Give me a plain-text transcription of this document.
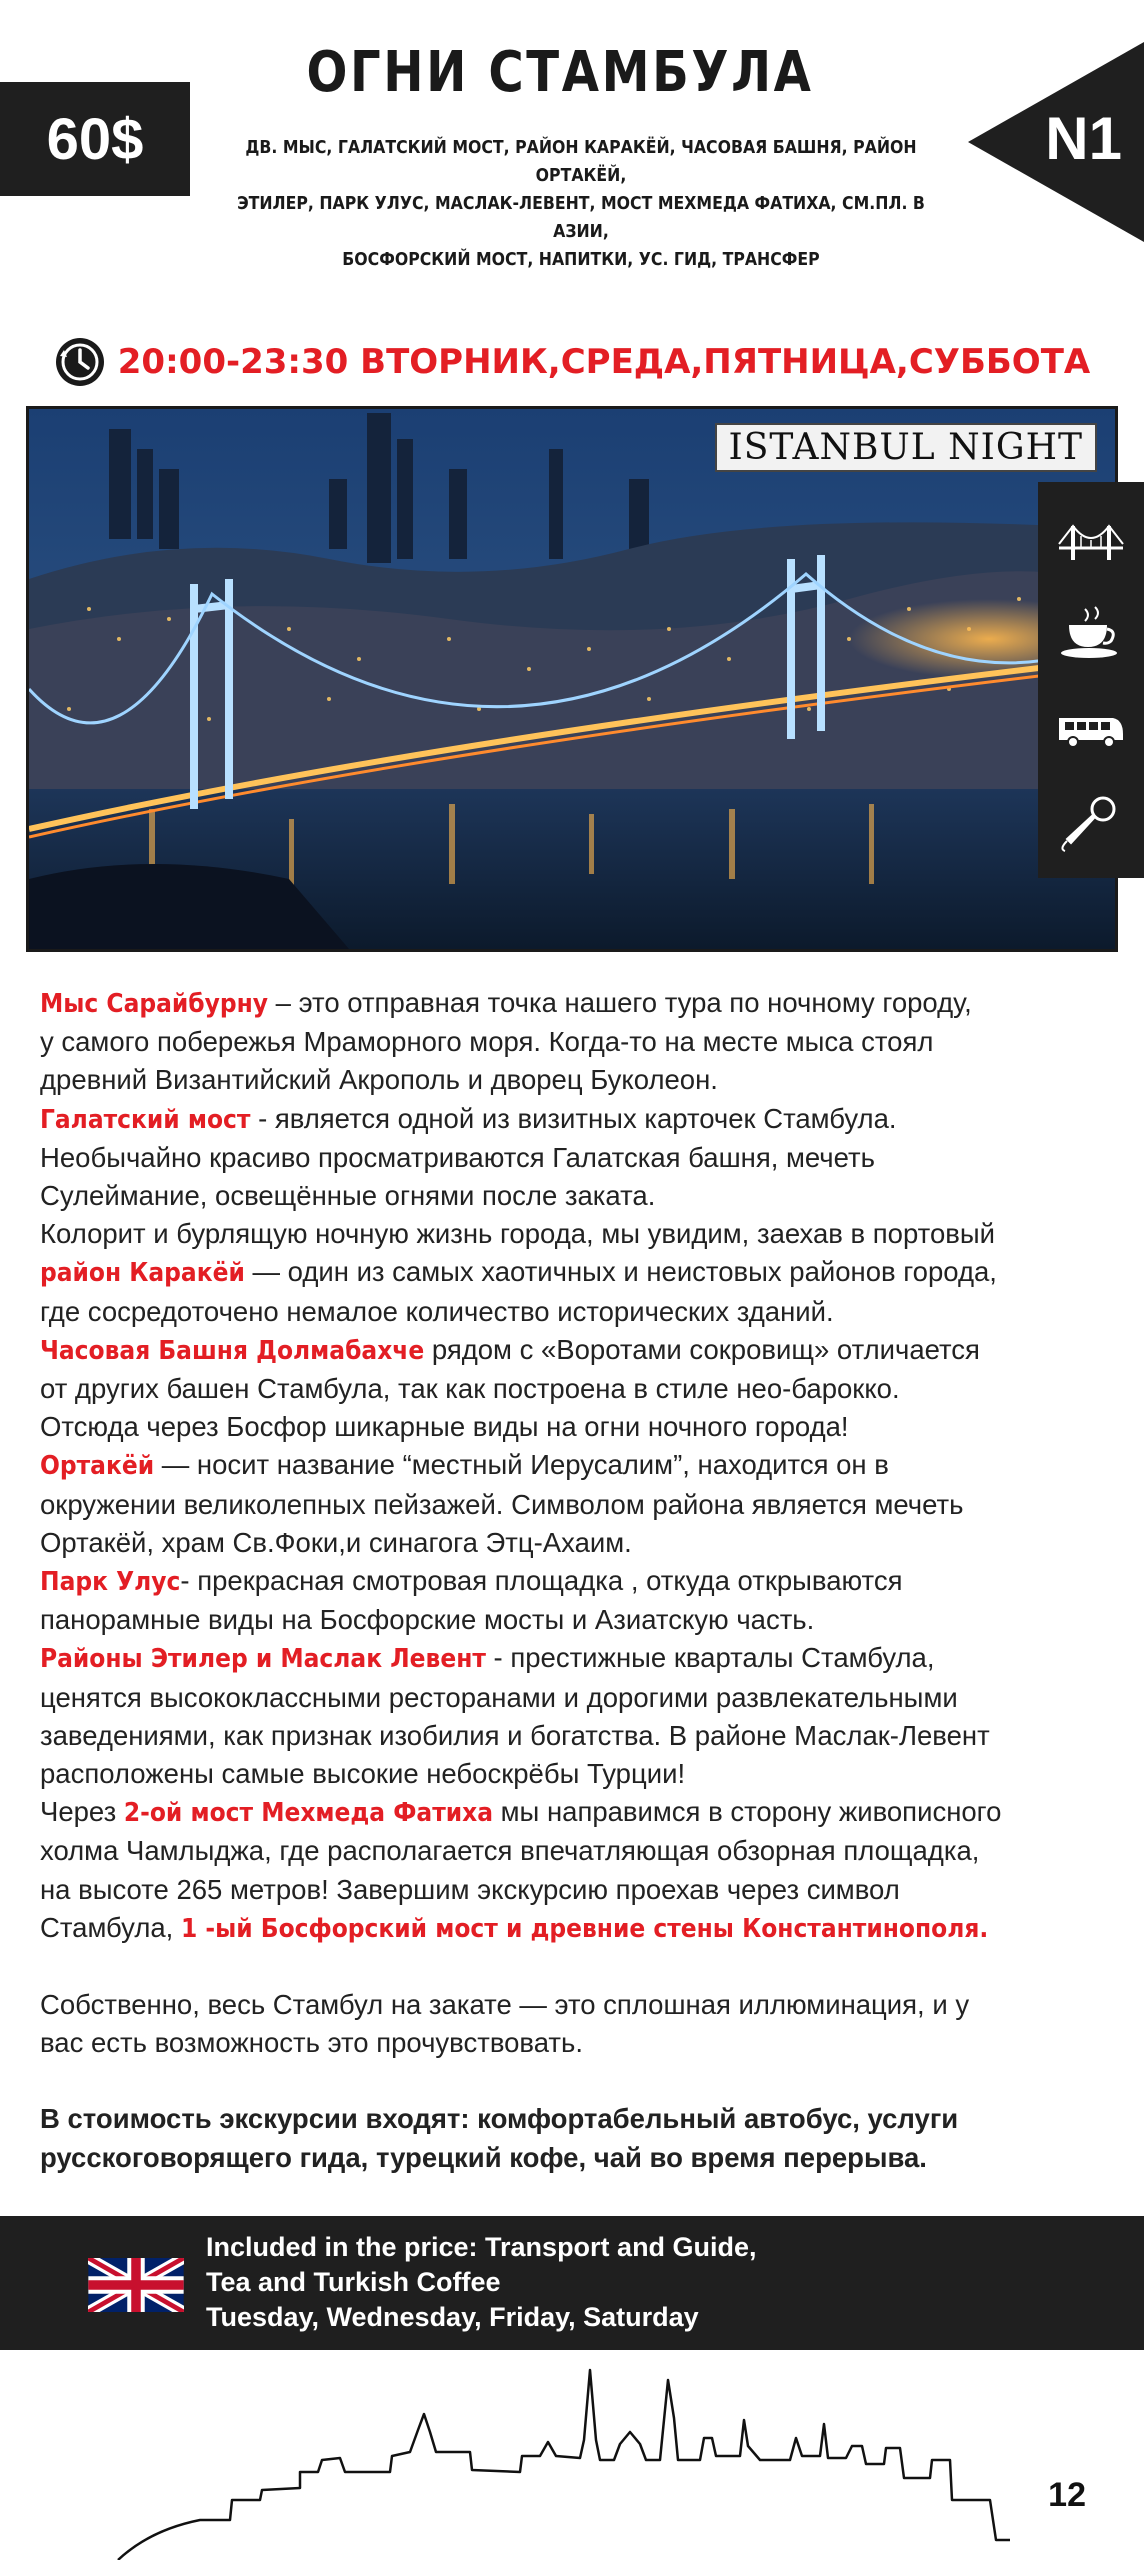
60$
ОГНИ СТАМБУЛА
ДВ. МЫС, ГАЛАТСКИЙ МОСТ, РАЙОН КАРАКЁЙ, ЧАСОВАЯ БАШНЯ, РАЙОН ОРТАКЁЙ,
ЭТИЛЕР, ПАРК УЛУС, МАСЛАК-ЛЕВЕНТ, МОСТ МЕХМЕДА ФАТИХА, СМ.ПЛ. В АЗИИ,
БОСФОРСКИЙ МОСТ, НАПИТКИ, УС. ГИД, ТРАНСФЕР
N1
20:00-23:30 ВТОРНИК,СРЕДА,ПЯТНИЦА,СУББОТА
ISTANBUL NIGHT

Мыс Сарайбурну – это отправная точка нашего тура по ночному городу,

у самого побережья Мраморного моря. Когда-то на месте мыса стоял

древний Византийский Акрополь и дворец Буколеон.

Галатский мост - является одной из визитных карточек Стамбула.

Необычайно красиво просматриваются Галатская башня, мечеть

Сулеймание, освещённые огнями после заката.

Колорит и бурлящую ночную жизнь города, мы увидим, заехав в портовый

район Каракёй — один из самых хаотичных и неистовых районов города,

где сосредоточено немалое количество исторических зданий.

Часовая Башня Долмабахче рядом с «Воротами сокровищ» отличается

от других башен Стамбула, так как построена в стиле нео-барокко.

Отсюда через Босфор шикарные виды на огни ночного города!

Ортакёй — носит название “местный Иерусалим”, находится он в

окружении великолепных пейзажей. Символом района является мечеть

Ортакёй, храм Св.Фоки,и синагога Этц-Ахаим.

Парк Улус- прекрасная смотровая площадка , откуда открываются

панорамные виды на Босфорские мосты и Азиатскую часть.

Районы Этилер и Маслак Левент - престижные кварталы Стамбула,

ценятся высококлассными ресторанами и дорогими развлекательными

заведениями, как признак изобилия и богатства. В районе Маслак-Левент

расположены самые высокие небоскрёбы Турции!

Через 2-ой мост Мехмеда Фатиха мы направимся в сторону живописного

холма Чамлыджа, где располагается впечатляющая обзорная площадка,

на высоте 265 метров! Завершим экскурсию проехав через символ

Стамбула, 1 -ый Босфорский мост и древние стены Константинополя.

Собственно, весь Стамбул на закате — это сплошная иллюминация, и у

вас есть возможность это прочувствовать.

В стоимость экскурсии входят: комфортабельный автобус, услуги

русскоговорящего гида, турецкий кофе, чай во время перерыва.

Included in the price: Transport and Guide,
Tea and Turkish Coffee
Tuesday, Wednesday, Friday, Saturday
12
